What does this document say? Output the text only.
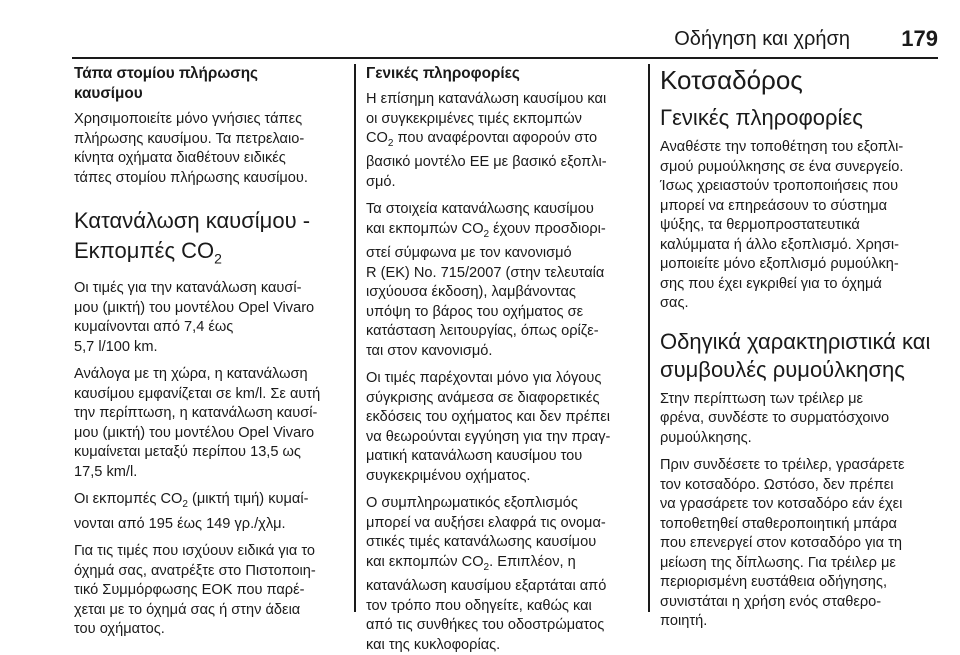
Οδήγηση και χρήση 179
Τάπα στομίου πλήρωσης
καυσίμου

Χρησιμοποιείτε μόνο γνήσιες τάπες
πλήρωσης καυσίμου. Τα πετρελαιο-
κίνητα οχήματα διαθέτουν ειδικές
τάπες στομίου πλήρωσης καυσίμου.

Κατανάλωση καυσίμου -
Εκπομπές $CO_2$

Οι τιμές για την κατανάλωση καυσί-
μου (μικτή) του μοντέλου Opel Vivaro
κυμαίνονται από 7,4 έως
5,7 l/100 km.

Ανάλογα με τη χώρα, η κατανάλωση
καυσίμου εμφανίζεται σε km/l. Σε αυτή
την περίπτωση, η κατανάλωση καυσί-
μου (μικτή) του μοντέλου Opel Vivaro
κυμαίνεται μεταξύ περίπου 13,5 ως
17,5 km/l.

Οι εκπομπές $CO_2$ (μικτή τιμή) κυμαί-
νονται από 195 έως 149 γρ./χλμ.

Για τις τιμές που ισχύουν ειδικά για το
όχημά σας, ανατρέξτε στο Πιστοποιη-
τικό Συμμόρφωσης ΕΟΚ που παρέ-
χεται με το όχημά σας ή στην άδεια
του οχήματος.

Γενικές πληροφορίες

Η επίσημη κατανάλωση καυσίμου και
οι συγκεκριμένες τιμές εκπομπών
$CO_2$ που αναφέρονται αφορούν στο
βασικό μοντέλο ΕΕ με βασικό εξοπλι-
σμό.

Τα στοιχεία κατανάλωσης καυσίμου
και εκπομπών $CO_2$ έχουν προσδιορι-
στεί σύμφωνα με τον κανονισμό
R (EK) No. 715/2007 (στην τελευταία
ισχύουσα έκδοση), λαμβάνοντας
υπόψη το βάρος του οχήματος σε
κατάσταση λειτουργίας, όπως ορίζε-
ται στον κανονισμό.

Οι τιμές παρέχονται μόνο για λόγους
σύγκρισης ανάμεσα σε διαφορετικές
εκδόσεις του οχήματος και δεν πρέπει
να θεωρούνται εγγύηση για την πραγ-
ματική κατανάλωση καυσίμου του
συγκεκριμένου οχήματος.

Ο συμπληρωματικός εξοπλισμός
μπορεί να αυξήσει ελαφρά τις ονομα-
στικές τιμές κατανάλωσης καυσίμου
και εκπομπών $CO_2$. Επιπλέον, η
κατανάλωση καυσίμου εξαρτάται από
τον τρόπο που οδηγείτε, καθώς και
από τις συνθήκες του οδοστρώματος
και της κυκλοφορίας.

Κοτσαδόρος
Γενικές πληροφορίες

Αναθέστε την τοποθέτηση του εξοπλι-
σμού ρυμούλκησης σε ένα συνεργείο.
Ίσως χρειαστούν τροποποιήσεις που
μπορεί να επηρεάσουν το σύστημα
ψύξης, τα θερμοπροστατευτικά
καλύμματα ή άλλο εξοπλισμό. Χρησι-
μοποιείτε μόνο εξοπλισμό ρυμούλκη-
σης που έχει εγκριθεί για το όχημά
σας.

Οδηγικά χαρακτηριστικά και
συμβουλές ρυμούλκησης

Στην περίπτωση των τρέιλερ με
φρένα, συνδέστε το συρματόσχοινο
ρυμούλκησης.

Πριν συνδέσετε το τρέιλερ, γρασάρετε
τον κοτσαδόρο. Ωστόσο, δεν πρέπει
να γρασάρετε τον κοτσαδόρο εάν έχει
τοποθετηθεί σταθεροποιητική μπάρα
που επενεργεί στον κοτσαδόρο για τη
μείωση της δίπλωσης. Για τρέιλερ με
περιορισμένη ευστάθεια οδήγησης,
συνιστάται η χρήση ενός σταθερο-
ποιητή.
